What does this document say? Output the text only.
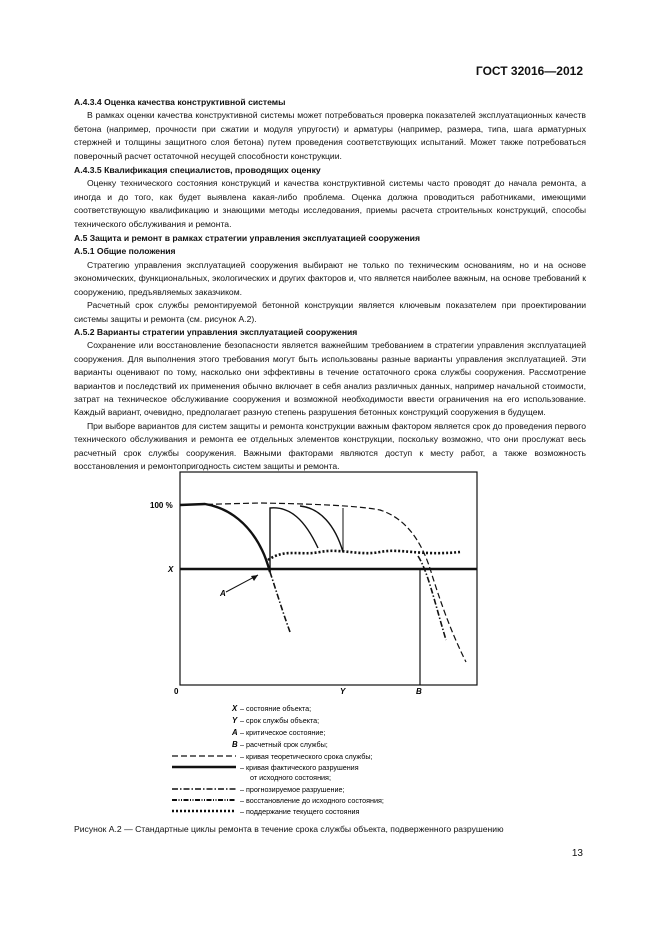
ГОСТ 32016—2012

А.4.3.4 Оценка качества конструктивной системы

В рамках оценки качества конструктивной системы может потребоваться проверка показателей эксплуатационных качеств бетона (например, прочности при сжатии и модуля упругости) и арматуры (например, размера, типа, шага арматурных стержней и толщины защитного слоя бетона) путем проведения соответствующих испытаний. Может также потребоваться поверочный расчет остаточной несущей способности конструкции.

А.4.3.5 Квалификация специалистов, проводящих оценку

Оценку технического состояния конструкций и качества конструктивной системы часто проводят до начала ремонта, а иногда и до того, как будет выявлена какая-либо проблема. Оценка должна проводиться работниками, имеющими соответствующую квалификацию и знающими методы исследования, приемы расчета строительных конструкций, способы технического обслуживания и ремонта.

А.5 Защита и ремонт в рамках стратегии управления эксплуатацией сооружения

А.5.1 Общие положения

Стратегию управления эксплуатацией сооружения выбирают не только по техническим основаниям, но и на основе экономических, функциональных, экологических и других факторов и, что является наиболее важным, на основе требований к сооружению, предъявляемых заказчиком.

Расчетный срок службы ремонтируемой бетонной конструкции является ключевым показателем при проектировании системы защиты и ремонта (см. рисунок А.2).

А.5.2 Варианты стратегии управления эксплуатацией сооружения

Сохранение или восстановление безопасности является важнейшим требованием в стратегии управления эксплуатацией сооружения. Для выполнения этого требования могут быть использованы разные варианты управления эксплуатацией. Эти варианты оценивают по тому, насколько они эффективны в течение остаточного срока службы сооружения. Рассмотрение вариантов и последствий их применения обычно включает в себя анализ различных данных, например начальной стоимости, затрат на техническое обслуживание сооружения и возможной необходимости ввести ограничения на его использование. Каждый вариант, очевидно, предполагает разную степень разрушения бетонных конструкций сооружения в будущем.

При выборе вариантов для систем защиты и ремонта конструкции важным фактором является срок до проведения первого технического обслуживания и ремонта ее отдельных элементов конструкции, поскольку возможно, что они прослужат весь расчетный срок службы сооружения. Важными факторами являются доступ к месту работ, а также возможность восстановления и ремонтопригодность систем защиты и ремонта.

100 %
X
0	Y	B
A
X – состояние объекта;
Y – срок службы объекта;
A – критическое состояние;
B – расчетный срок службы;
– кривая теоретического срока службы;
– кривая фактического разрушения
от исходного состояния;
– прогнозируемое разрушение;
– восстановление до исходного состояния;
– поддержание текущего состояния
Рисунок А.2 — Стандартные циклы ремонта в течение срока службы объекта, подверженного разрушению
13
